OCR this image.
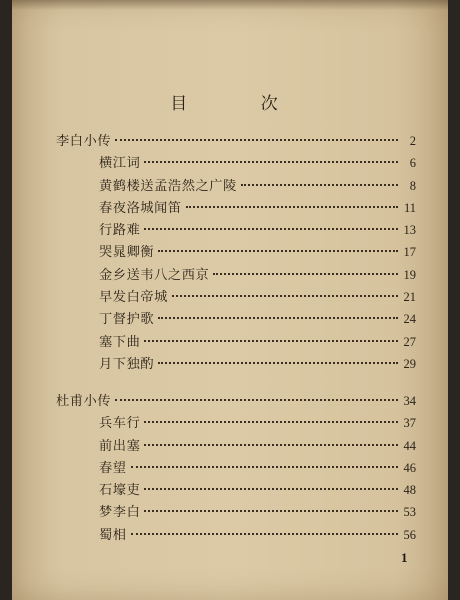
目 次
李白小传	2
横江词	6
黄鹤楼送孟浩然之广陵	8
春夜洛城闻笛	11
行路难	13
哭晁卿衡	17
金乡送韦八之西京	19
早发白帝城	21
丁督护歌	24
塞下曲	27
月下独酌	29
杜甫小传	34
兵车行	37
前出塞	44
春望	46
石壕吏	48
梦李白	53
蜀相	56
1
